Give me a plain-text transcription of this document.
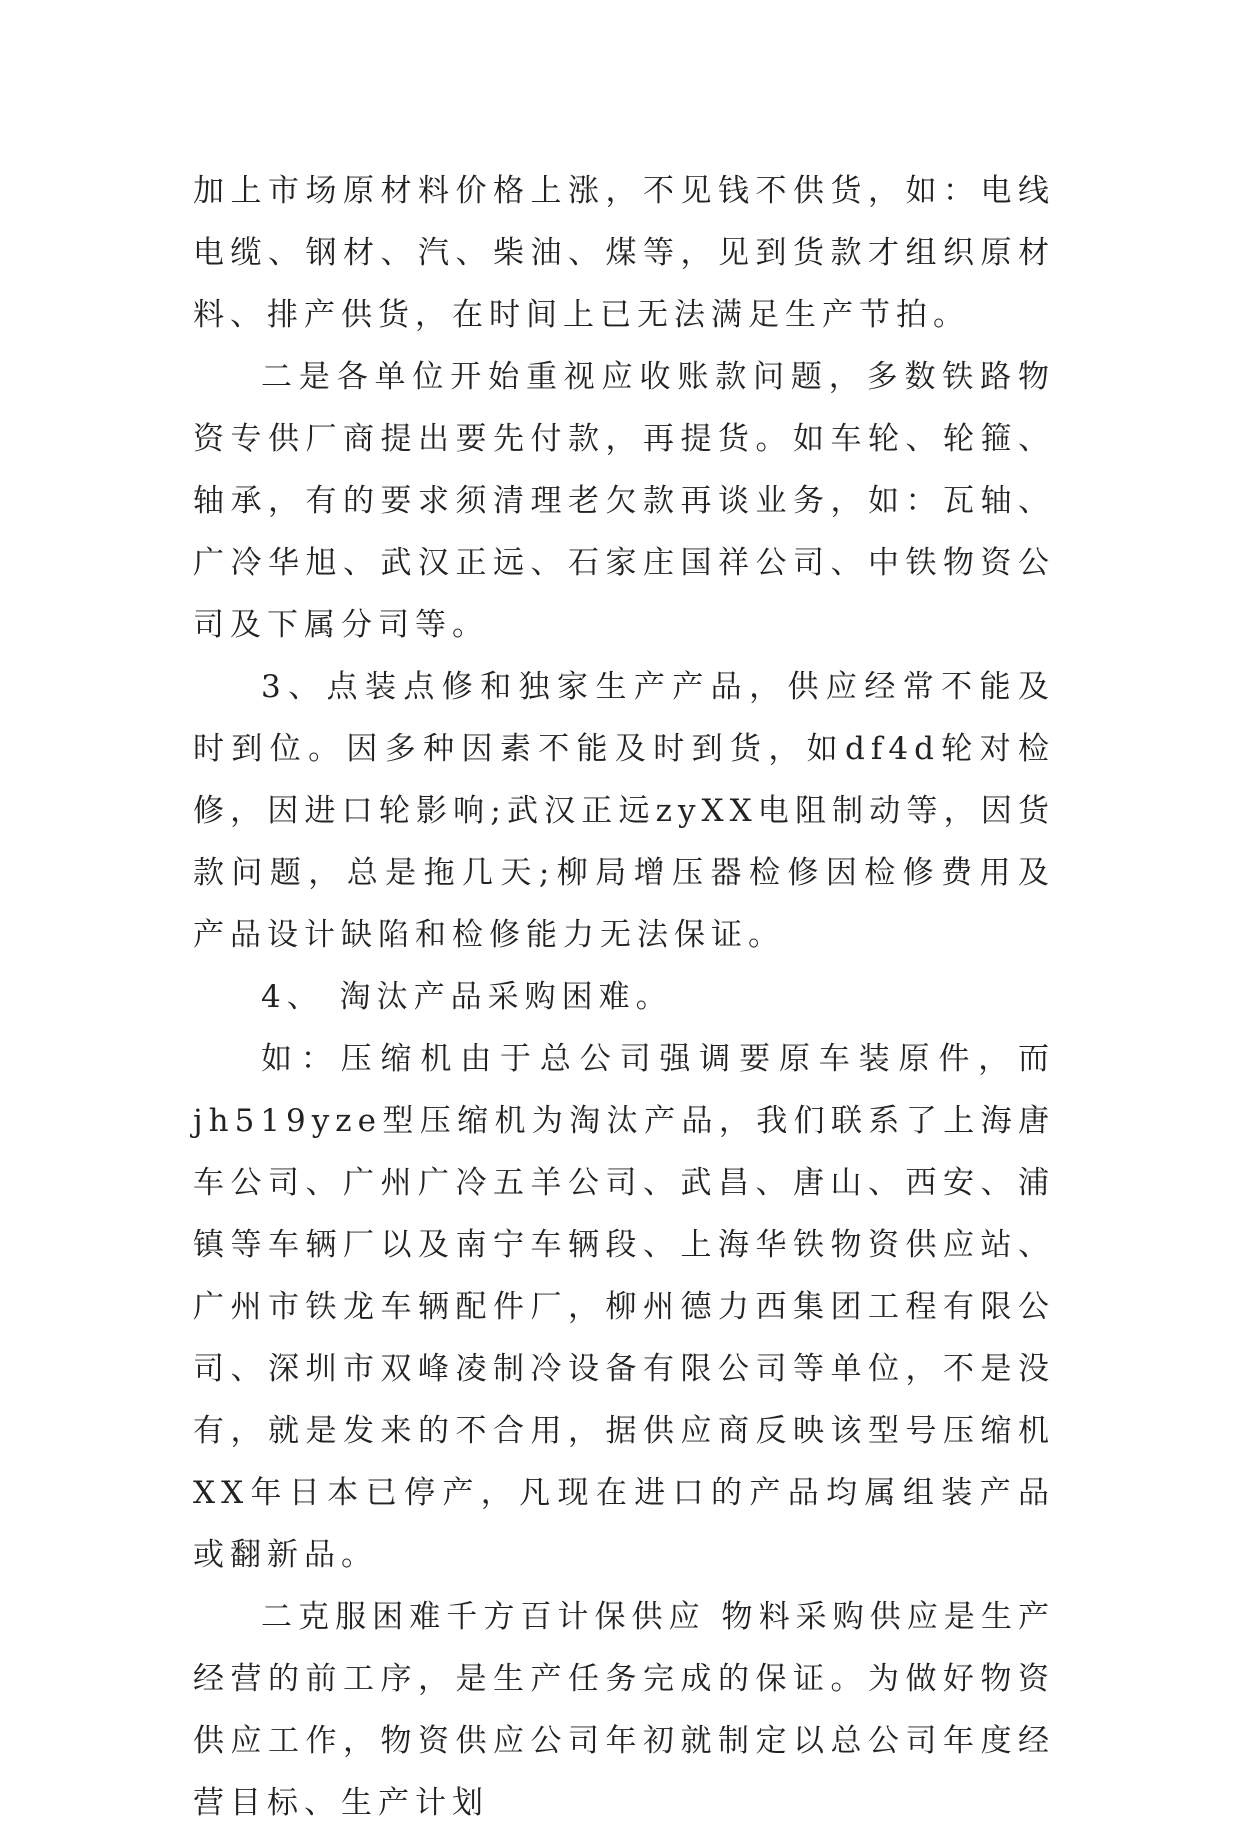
加上市场原材料价格上涨，不见钱不供货，如：电线电缆、钢材、汽、柴油、煤等，见到货款才组织原材料、排产供货，在时间上已无法满足生产节拍。

二是各单位开始重视应收账款问题，多数铁路物资专供厂商提出要先付款，再提货。如车轮、轮箍、轴承，有的要求须清理老欠款再谈业务，如：瓦轴、广冷华旭、武汉正远、石家庄国祥公司、中铁物资公司及下属分司等。

3、点装点修和独家生产产品，供应经常不能及时到位。因多种因素不能及时到货，如df4d轮对检修，因进口轮影响;武汉正远zyXX电阻制动等，因货款问题，总是拖几天;柳局增压器检修因检修费用及产品设计缺陷和检修能力无法保证。

4、 淘汰产品采购困难。

如：压缩机由于总公司强调要原车装原件，而jh519yze型压缩机为淘汰产品，我们联系了上海唐车公司、广州广冷五羊公司、武昌、唐山、西安、浦镇等车辆厂以及南宁车辆段、上海华铁物资供应站、广州市铁龙车辆配件厂，柳州德力西集团工程有限公司、深圳市双峰凌制冷设备有限公司等单位，不是没有，就是发来的不合用，据供应商反映该型号压缩机XX年日本已停产，凡现在进口的产品均属组装产品或翻新品。

二克服困难千方百计保供应 物料采购供应是生产经营的前工序，是生产任务完成的保证。为做好物资供应工作，物资供应公司年初就制定以总公司年度经营目标、生产计划
